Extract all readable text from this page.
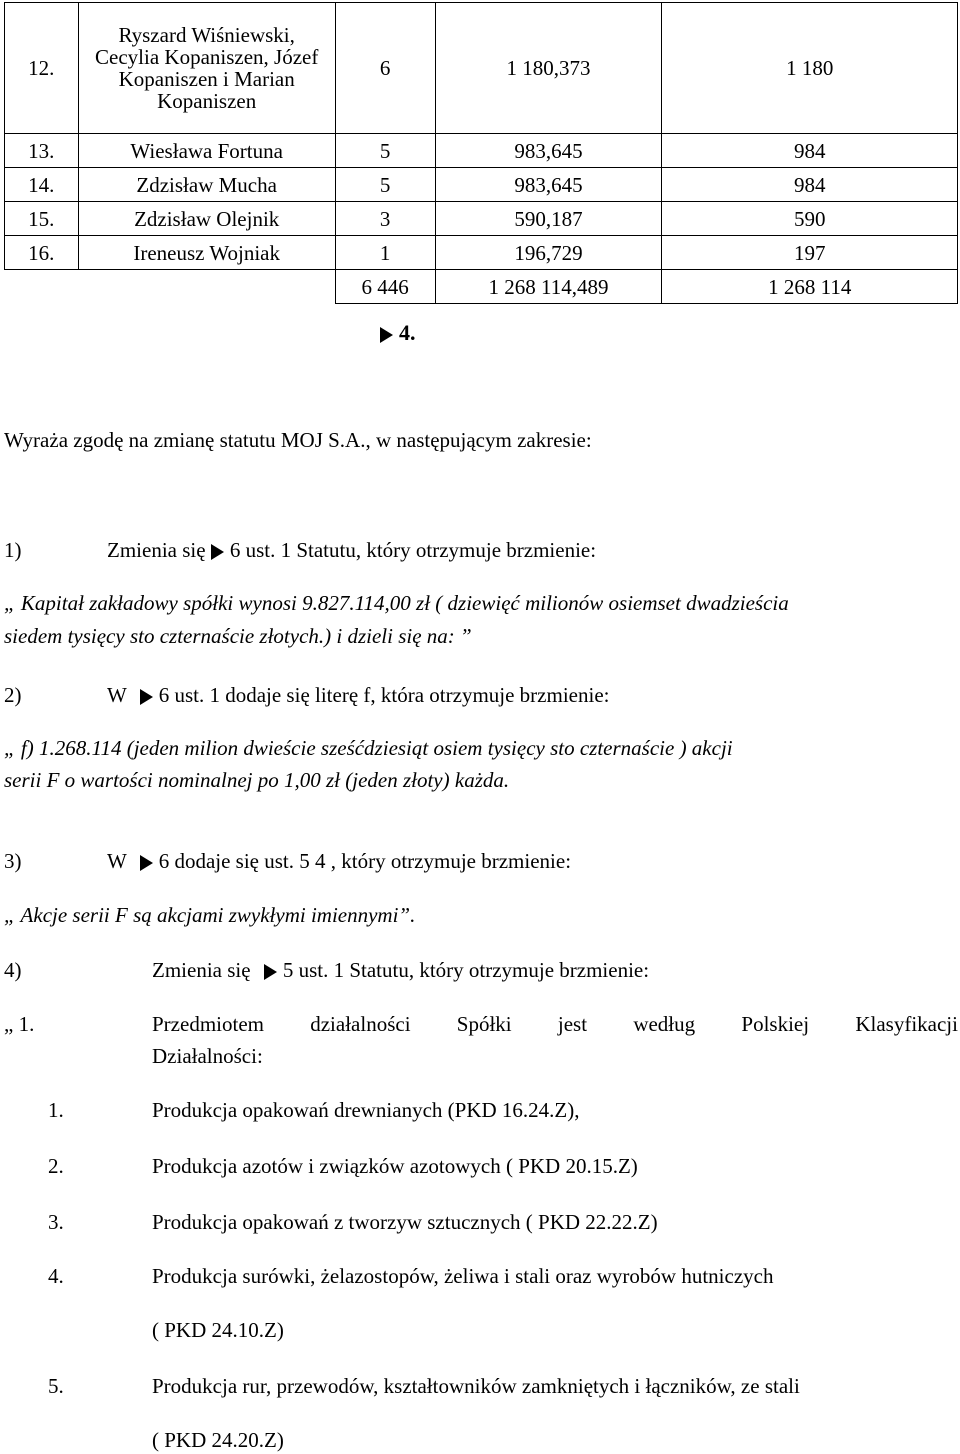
12.	Ryszard Wiśniewski, Cecylia Kopaniszen, Józef Kopaniszen i Marian Kopaniszen	6	1 180,373	1 180
13.	Wiesława Fortuna	5	983,645	984
14.	Zdzisław Mucha	5	983,645	984
15.	Zdzisław Olejnik	3	590,187	590
16.	Ireneusz Wojniak	1	196,729	197
		6 446	1 268 114,489	1 268 114
4.
Wyraża zgodę na zmianę statutu MOJ S.A., w następującym zakresie:
1)	Zmienia się 6 ust. 1 Statutu, który otrzymuje brzmienie:
„ Kapitał zakładowy spółki wynosi 9.827.114,00 zł ( dziewięć milionów osiemset dwadzieścia
siedem tysięcy sto czternaście złotych.) i dzieli się na: ”
2)	W 6 ust. 1 dodaje się literę f, która otrzymuje brzmienie:
„ f) 1.268.114 (jeden milion dwieście sześćdziesiąt osiem tysięcy sto czternaście ) akcji
serii F o wartości nominalnej po 1,00 zł (jeden złoty) każda.
3)	W 6 dodaje się ust. 5 4 , który otrzymuje brzmienie:
„ Akcje serii F są akcjami zwykłymi imiennymi”.
4)	Zmienia się 5 ust. 1 Statutu, który otrzymuje brzmienie:
„ 1.	Przedmiotem działalności Spółki jest według Polskiej Klasyfikacji
Działalności:
1.	Produkcja opakowań drewnianych (PKD 16.24.Z),
2.	Produkcja azotów i związków azotowych ( PKD 20.15.Z)
3.	Produkcja opakowań z tworzyw sztucznych ( PKD 22.22.Z)
4.	Produkcja surówki, żelazostopów, żeliwa i stali oraz wyrobów hutniczych
( PKD 24.10.Z)
5.	Produkcja rur, przewodów, kształtowników zamkniętych i łączników, ze stali
( PKD 24.20.Z)
